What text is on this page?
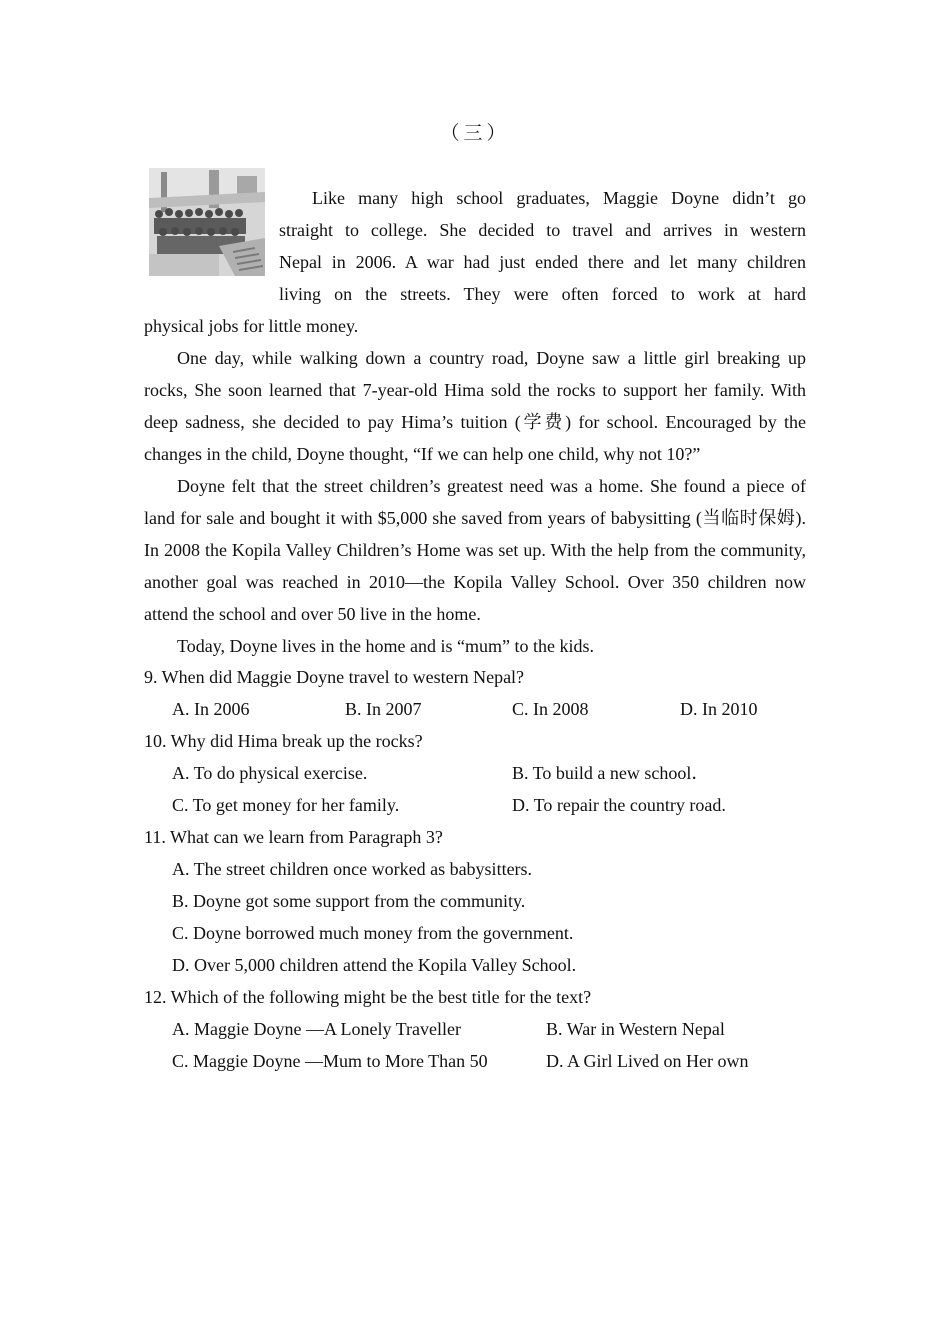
（三）
Like many high school graduates, Maggie Doyne didn’t go
straight to college. She decided to travel and arrives in western
Nepal in 2006. A war had just ended there and let many children
living on the streets. They were often forced to work at hard

physical jobs for little money.

One day, while walking down a country road, Doyne saw a little girl breaking up rocks, She soon learned that 7-year-old Hima sold the rocks to support her family. With deep sadness, she decided to pay Hima’s tuition (学费) for school. Encouraged by the changes in the child, Doyne thought, “If we can help one child, why not 10?”

Doyne felt that the street children’s greatest need was a home. She found a piece of land for sale and bought it with $5,000 she saved from years of babysitting (当临时保姆). In 2008 the Kopila Valley Children’s Home was set up. With the help from the community, another goal was reached in 2010—the Kopila Valley School. Over 350 children now attend the school and over 50 live in the home.

Today, Doyne lives in the home and is “mum” to the kids.

9. When did Maggie Doyne travel to western Nepal?
A. In 2006	B. In 2007	C. In 2008	D. In 2010
10. Why did Hima break up the rocks?
A. To do physical exercise.	B. To build a new school．
C. To get money for her family.	D. To repair the country road.
11. What can we learn from Paragraph 3?
A. The street children once worked as babysitters.
B. Doyne got some support from the community.
C. Doyne borrowed much money from the government.
D. Over 5,000 children attend the Kopila Valley School.
12. Which of the following might be the best title for the text?
A. Maggie Doyne —A Lonely Traveller	B. War in Western Nepal
C. Maggie Doyne —Mum to More Than 50	D. A Girl Lived on Her own
